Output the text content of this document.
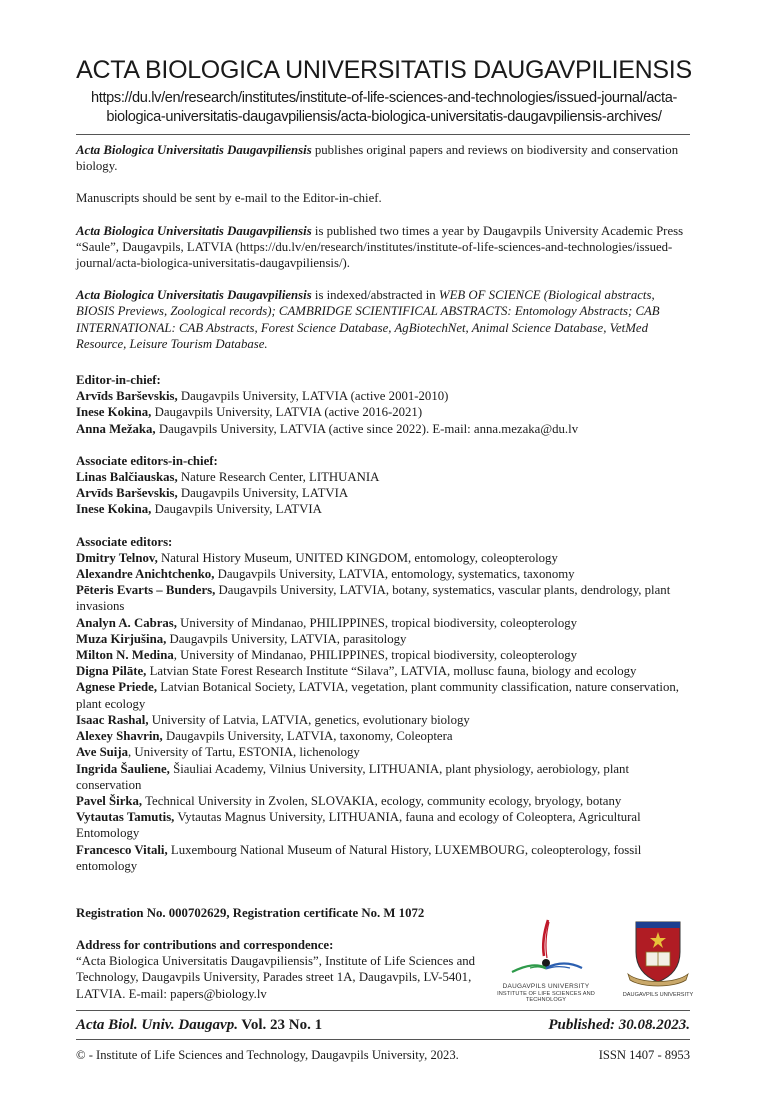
ACTA BIOLOGICA UNIVERSITATIS DAUGAVPILIENSIS
https://du.lv/en/research/institutes/institute-of-life-sciences-and-technologies/issued-journal/acta-
biologica-universitatis-daugavpiliensis/acta-biologica-universitatis-daugavpiliensis-archives/

Acta Biologica Universitatis Daugavpiliensis publishes original papers and reviews on biodiversity and conservation biology.

Manuscripts should be sent by e-mail to the Editor-in-chief.

Acta Biologica Universitatis Daugavpiliensis is published two times a year by Daugavpils University Academic Press “Saule”, Daugavpils, LATVIA (https://du.lv/en/research/institutes/institute-of-life-sciences-and-technologies/issued-journal/acta-biologica-universitatis-daugavpiliensis/).

Acta Biologica Universitatis Daugavpiliensis is indexed/abstracted in WEB OF SCIENCE (Biological abstracts, BIOSIS Previews, Zoological records); CAMBRIDGE SCIENTIFICAL ABSTRACTS: Entomology Abstracts; CAB INTERNATIONAL: CAB Abstracts, Forest Science Database, AgBiotechNet, Animal Science Database, VetMed Resource, Leisure Tourism Database.

Editor-in-chief:

Arvīds Barševskis, Daugavpils University, LATVIA (active 2001-2010)

Inese Kokina, Daugavpils University, LATVIA (active 2016-2021)

Anna Mežaka, Daugavpils University, LATVIA (active since 2022). E-mail: anna.mezaka@du.lv

Associate editors-in-chief:

Linas Balčiauskas, Nature Research Center, LITHUANIA

Arvīds Barševskis, Daugavpils University, LATVIA

Inese Kokina, Daugavpils University, LATVIA

Associate editors:

Dmitry Telnov, Natural History Museum, UNITED KINGDOM, entomology, coleopterology

Alexandre Anichtchenko, Daugavpils University, LATVIA, entomology, systematics, taxonomy

Pēteris Evarts – Bunders, Daugavpils University, LATVIA, botany, systematics, vascular plants, dendrology, plant invasions

Analyn A. Cabras, University of Mindanao, PHILIPPINES, tropical biodiversity, coleopterology

Muza Kirjušina, Daugavpils University, LATVIA, parasitology

Milton N. Medina, University of Mindanao, PHILIPPINES, tropical biodiversity, coleopterology

Digna Pilāte, Latvian State Forest Research Institute “Silava”, LATVIA, mollusc fauna, biology and ecology

Agnese Priede, Latvian Botanical Society, LATVIA, vegetation, plant community classification, nature conservation, plant ecology

Isaac Rashal, University of Latvia, LATVIA, genetics, evolutionary biology

Alexey Shavrin, Daugavpils University, LATVIA, taxonomy, Coleoptera

Ave Suija, University of Tartu, ESTONIA, lichenology

Ingrida Šauliene, Šiauliai Academy, Vilnius University, LITHUANIA, plant physiology, aerobiology, plant conservation

Pavel Širka, Technical University in Zvolen, SLOVAKIA, ecology, community ecology, bryology, botany

Vytautas Tamutis, Vytautas Magnus University, LITHUANIA, fauna and ecology of Coleoptera, Agricultural Entomology

Francesco Vitali, Luxembourg National Museum of Natural History, LUXEMBOURG, coleopterology, fossil entomology

Registration No. 000702629, Registration certificate No. M 1072

Address for contributions and correspondence:

“Acta Biologica Universitatis Daugavpiliensis”, Institute of Life Sciences and Technology, Daugavpils University, Parades street 1A, Daugavpils, LV-5401, LATVIA. E-mail: papers@biology.lv

DAUGAVPILS UNIVERSITY
INSTITUTE OF LIFE SCIENCES AND TECHNOLOGY
DAUGAVPILS UNIVERSITY
Acta Biol. Univ. Daugavp. Vol. 23 No. 1	Published: 30.08.2023.
© - Institute of Life Sciences and Technology, Daugavpils University, 2023.	ISSN 1407 - 8953
